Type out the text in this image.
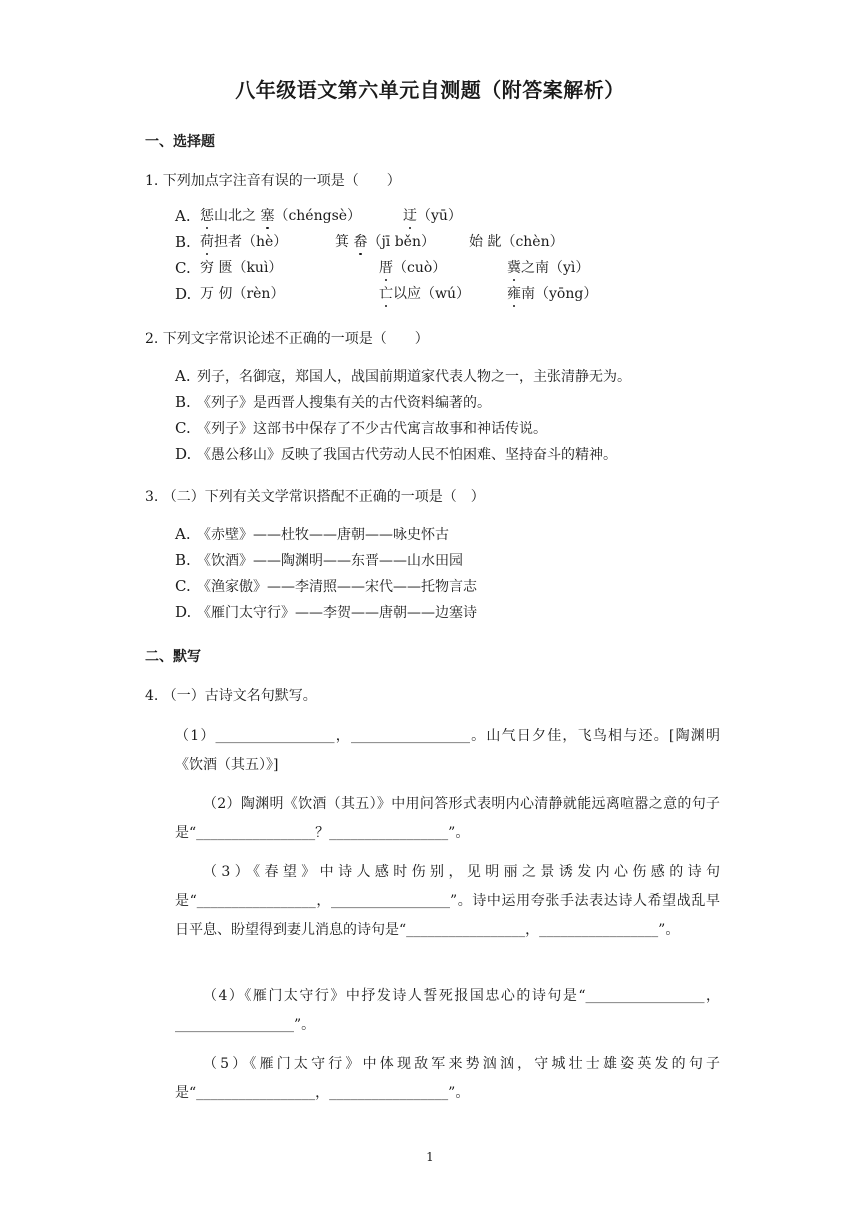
八年级语文第六单元自测题（附答案解析）
一、选择题
1. 下列加点字注音有误的一项是（　　）
A. 惩山北之 塞（chéngsè）	迂（yū）
B. 荷担者（hè）	箕 畚（jī běn） 始 龀（chèn）
C. 穷 匮（kuì）	厝（cuò）	冀之南（yì）
D. 万 仞（rèn）	亡以应（wú）	雍南（yōng）
2. 下列文字常识论述不正确的一项是（　　）
A. 列子，名御寇，郑国人，战国前期道家代表人物之一，主张清静无为。
B. 《列子》是西晋人搜集有关的古代资料编著的。
C. 《列子》这部书中保存了不少古代寓言故事和神话传说。
D. 《愚公移山》反映了我国古代劳动人民不怕困难、坚持奋斗的精神。
3. （二）下列有关文学常识搭配不正确的一项是（　）
A. 《赤壁》——杜牧——唐朝——咏史怀古
B. 《饮酒》——陶渊明——东晋——山水田园
C. 《渔家傲》——李清照——宋代——托物言志
D. 《雁门太守行》——李贺——唐朝——边塞诗
二、默写
4. （一）古诗文名句默写。
（1）_________________，_________________。山气日夕佳，飞鸟相与还。[陶渊明《饮酒（其五）》]
（2）陶渊明《饮酒（其五）》中用问答形式表明内心清静就能远离喧嚣之意的句子是“_________________？_________________”。
（3）《春望》中诗人感时伤别，见明丽之景诱发内心伤感的诗句是“_________________，_________________”。诗中运用夸张手法表达诗人希望战乱早日平息、盼望得到妻儿消息的诗句是“_________________，_________________”。
（4）《雁门太守行》中抒发诗人誓死报国忠心的诗句是“_________________，_________________”。
（5）《雁门太守行》中体现敌军来势汹汹，守城壮士雄姿英发的句子是“_________________，_________________”。
1
